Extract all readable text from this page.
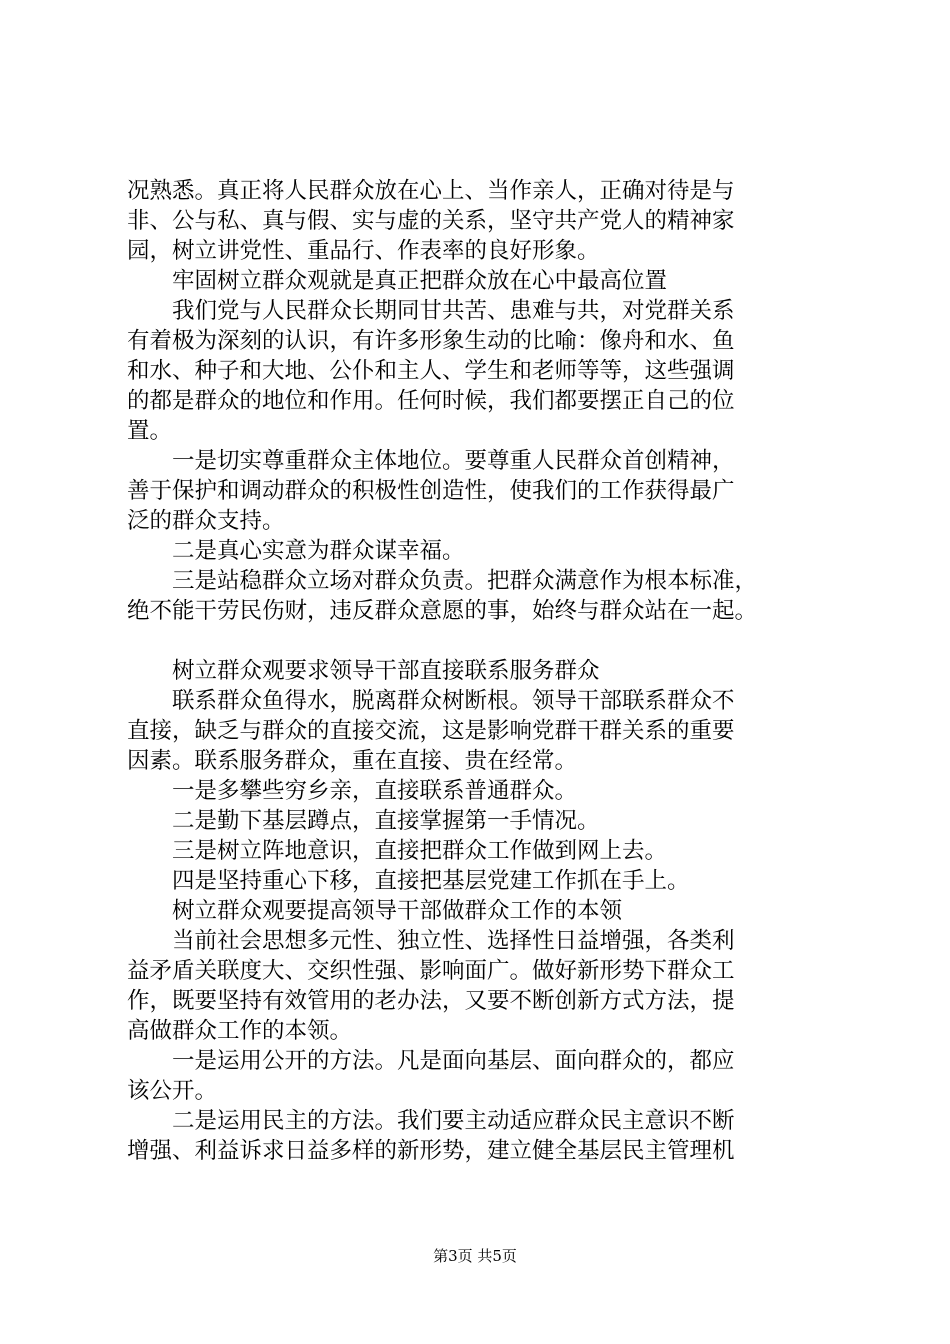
况熟悉。真正将人民群众放在心上、当作亲人，正确对待是与

非、公与私、真与假、实与虚的关系，坚守共产党人的精神家

园，树立讲党性、重品行、作表率的良好形象。

　　牢固树立群众观就是真正把群众放在心中最高位置

　　我们党与人民群众长期同甘共苦、患难与共，对党群关系

有着极为深刻的认识，有许多形象生动的比喻：像舟和水、鱼

和水、种子和大地、公仆和主人、学生和老师等等，这些强调

的都是群众的地位和作用。任何时候，我们都要摆正自己的位

置。

　　一是切实尊重群众主体地位。要尊重人民群众首创精神，

善于保护和调动群众的积极性创造性，使我们的工作获得最广

泛的群众支持。

　　二是真心实意为群众谋幸福。

　　三是站稳群众立场对群众负责。把群众满意作为根本标准，

绝不能干劳民伤财，违反群众意愿的事，始终与群众站在一起。

　　树立群众观要求领导干部直接联系服务群众

　　联系群众鱼得水，脱离群众树断根。领导干部联系群众不

直接，缺乏与群众的直接交流，这是影响党群干群关系的重要

因素。联系服务群众，重在直接、贵在经常。

　　一是多攀些穷乡亲，直接联系普通群众。

　　二是勤下基层蹲点，直接掌握第一手情况。

　　三是树立阵地意识，直接把群众工作做到网上去。

　　四是坚持重心下移，直接把基层党建工作抓在手上。

　　树立群众观要提高领导干部做群众工作的本领

　　当前社会思想多元性、独立性、选择性日益增强，各类利

益矛盾关联度大、交织性强、影响面广。做好新形势下群众工

作，既要坚持有效管用的老办法，又要不断创新方式方法，提

高做群众工作的本领。

　　一是运用公开的方法。凡是面向基层、面向群众的，都应

该公开。

　　二是运用民主的方法。我们要主动适应群众民主意识不断

增强、利益诉求日益多样的新形势，建立健全基层民主管理机

第3页 共5页
